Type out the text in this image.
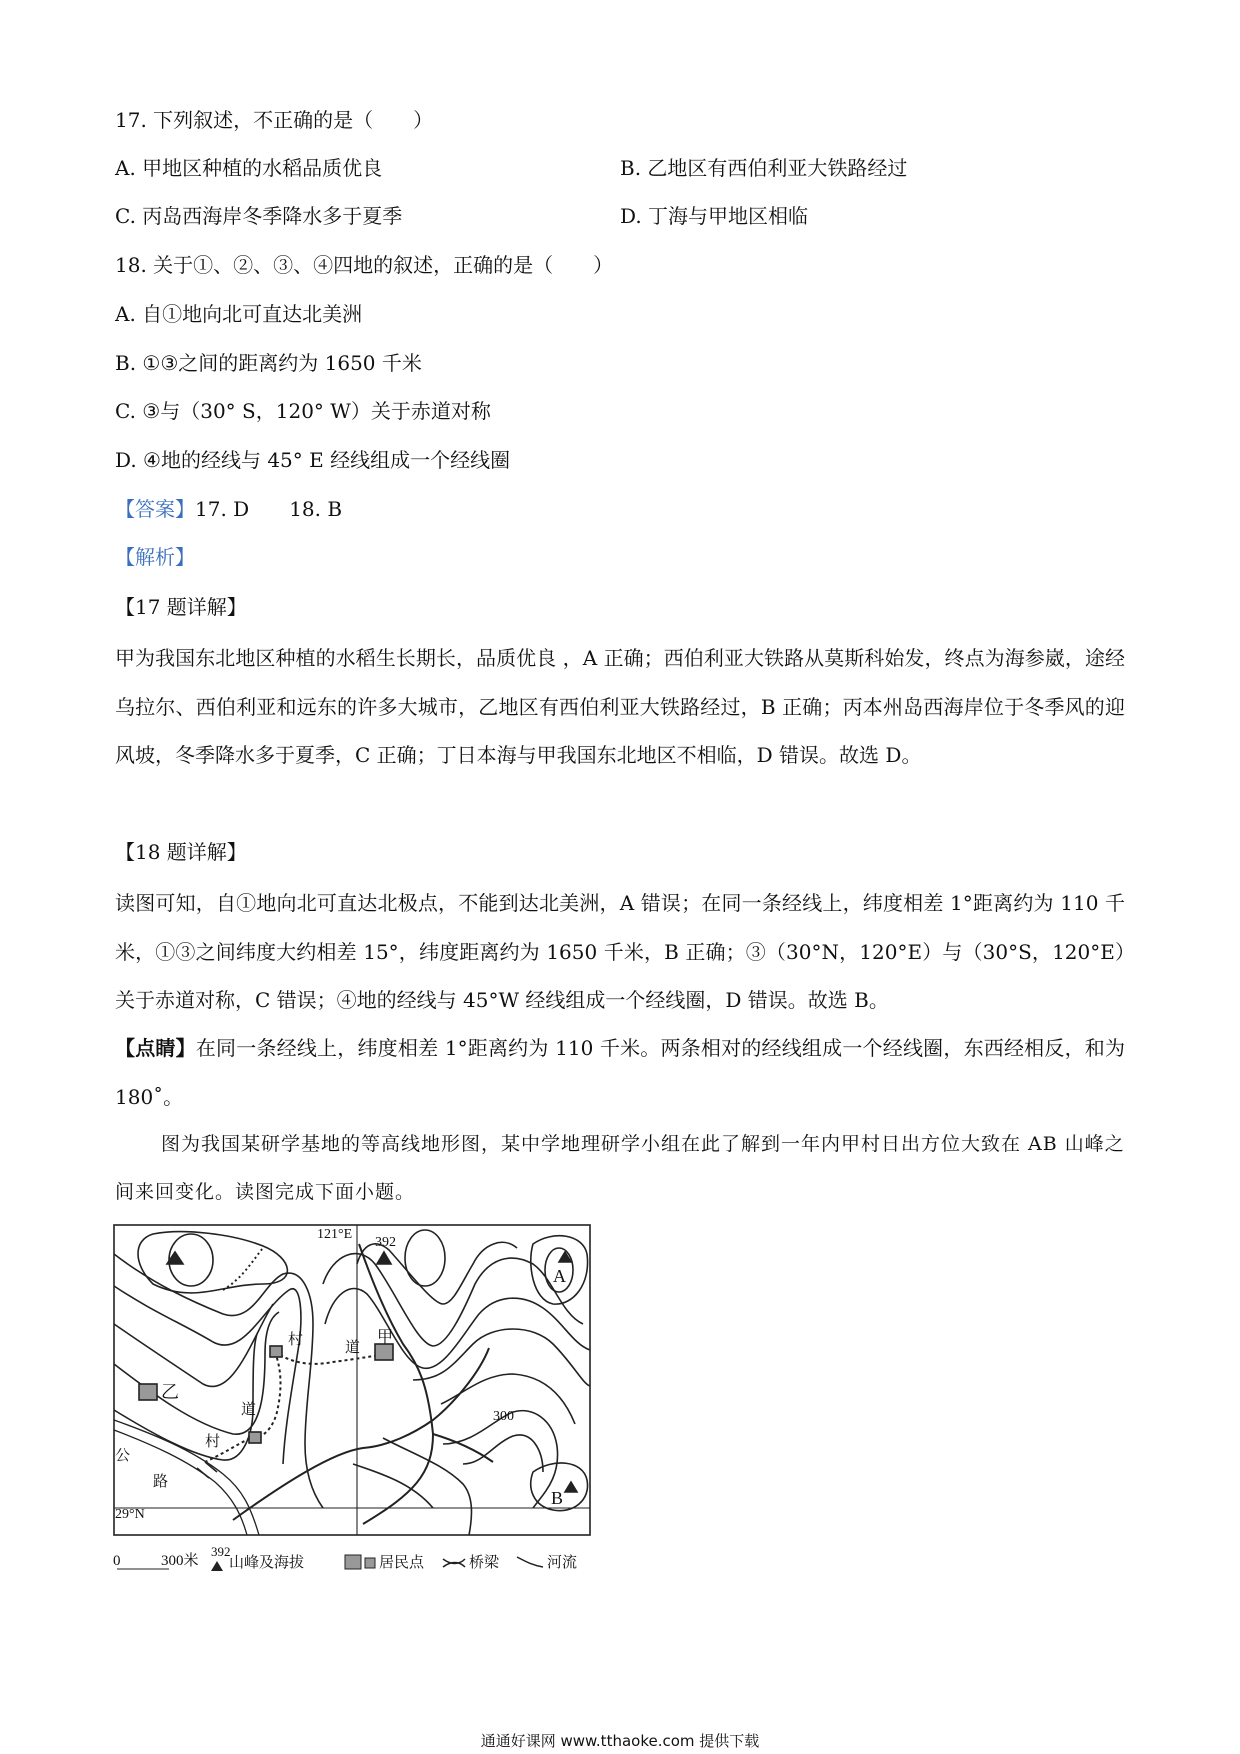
17. 下列叙述，不正确的是（　　）
A. 甲地区种植的水稻品质优良	B. 乙地区有西伯利亚大铁路经过
C. 丙岛西海岸冬季降水多于夏季	D. 丁海与甲地区相临
18. 关于①、②、③、④四地的叙述，正确的是（　　）
A. 自①地向北可直达北美洲
B. ①③之间的距离约为 1650 千米
C. ③与（30° S，120° W）关于赤道对称
D. ④地的经线与 45° E 经线组成一个经线圈
【答案】17. D　　18. B
【解析】
【17 题详解】
甲为我国东北地区种植的水稻生长期长，品质优良 ，A 正确；西伯利亚大铁路从莫斯科始发，终点为海参崴，途经乌拉尔、西伯利亚和远东的许多大城市，乙地区有西伯利亚大铁路经过，B 正确；丙本州岛西海岸位于冬季风的迎风坡，冬季降水多于夏季，C 正确；丁日本海与甲我国东北地区不相临，D 错误。故选 D。
【18 题详解】
读图可知，自①地向北可直达北极点，不能到达北美洲，A 错误；在同一条经线上，纬度相差 1°距离约为 110 千米，①③之间纬度大约相差 15°，纬度距离约为 1650 千米，B 正确；③（30°N，120°E）与（30°S，120°E）关于赤道对称，C 错误；④地的经线与 45°W 经线组成一个经线圈，D 错误。故选 B。
【点睛】在同一条经线上，纬度相差 1°距离约为 110 千米。两条相对的经线组成一个经线圈，东西经相反，和为 180˚。
图为我国某研学基地的等高线地形图，某中学地理研学小组在此了解到一年内甲村日出方位大致在 AB 山峰之间来回变化。读图完成下面小题。
121°E
29°N
392
300
A
B
甲
乙
村	道
道
村
公
路
0	300米
392
山峰及海拔	居民点	桥梁	河流
通通好课网 www.tthaoke.com 提供下载
